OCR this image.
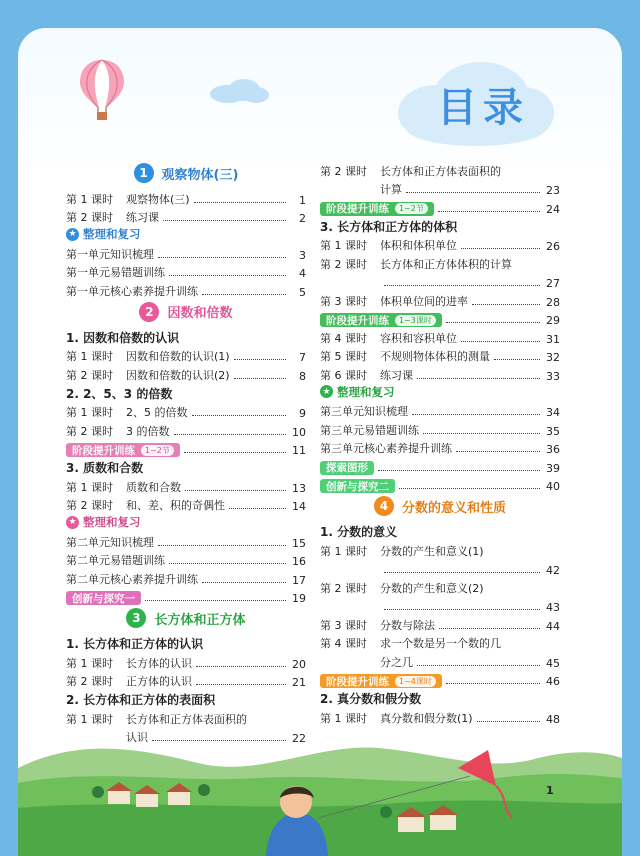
目录
1	观察物体(三)
第 1 课时	观察物体(三)	1
第 2 课时	练习课	2
★ 整理和复习
第一单元知识梳理	3
第一单元易错题训练	4
第一单元核心素养提升训练	5
2	因数和倍数
1. 因数和倍数的认识
第 1 课时	因数和倍数的认识(1)	7
第 2 课时	因数和倍数的认识(2)	8
2. 2、5、3 的倍数
第 1 课时	2、5 的倍数	9
第 2 课时	3 的倍数	10
阶段提升训练	1~2节	11
3. 质数和合数
第 1 课时	质数和合数	13
第 2 课时	和、差、积的奇偶性	14
★ 整理和复习
第二单元知识梳理	15
第二单元易错题训练	16
第二单元核心素养提升训练	17
创新与探究一	19
3	长方体和正方体
1. 长方体和正方体的认识
第 1 课时	长方体的认识	20
第 2 课时	正方体的认识	21
2. 长方体和正方体的表面积
第 1 课时	长方体和正方体表面积的
认识	22
第 2 课时	长方体和正方体表面积的
计算	23
阶段提升训练	1~2节	24
3. 长方体和正方体的体积
第 1 课时	体积和体积单位	26
第 2 课时	长方体和正方体体积的计算
27
第 3 课时	体积单位间的进率	28
阶段提升训练	1~3课时	29
第 4 课时	容积和容积单位	31
第 5 课时	不规则物体体积的测量	32
第 6 课时	练习课	33
★ 整理和复习
第三单元知识梳理	34
第三单元易错题训练	35
第三单元核心素养提升训练	36
探索图形	39
创新与探究二	40
4	分数的意义和性质
1. 分数的意义
第 1 课时	分数的产生和意义(1)
42
第 2 课时	分数的产生和意义(2)
43
第 3 课时	分数与除法	44
第 4 课时	求一个数是另一个数的几
分之几	45
阶段提升训练	1~4课时	46
2. 真分数和假分数
第 1 课时	真分数和假分数(1)	48
1
